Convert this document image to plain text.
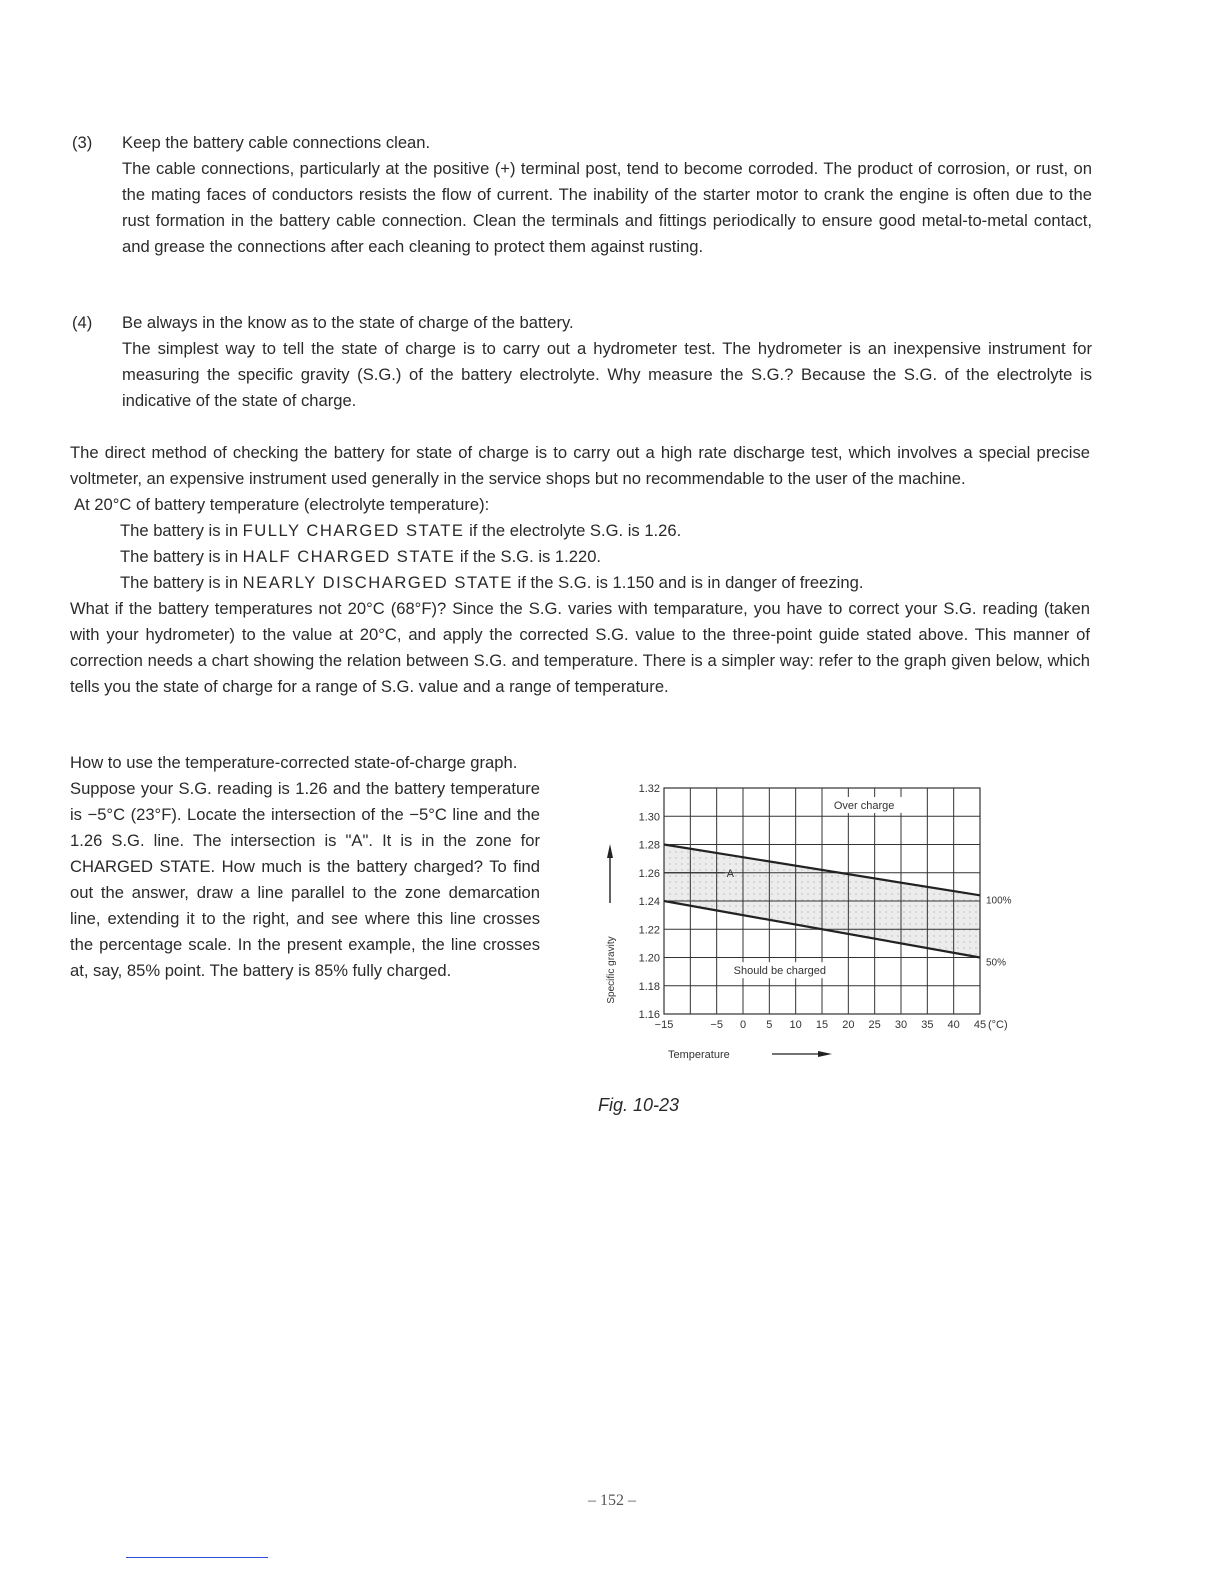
(3) Keep the battery cable connections clean.

The cable connections, particularly at the positive (+) terminal post, tend to become corroded. The product of corrosion, or rust, on the mating faces of conductors resists the flow of current. The inability of the starter motor to crank the engine is often due to the rust formation in the battery cable connection. Clean the terminals and fittings periodically to ensure good metal-to-metal contact, and grease the connections after each cleaning to protect them against rusting.

(4) Be always in the know as to the state of charge of the battery.

The simplest way to tell the state of charge is to carry out a hydrometer test. The hydrometer is an inexpensive instrument for measuring the specific gravity (S.G.) of the battery electrolyte. Why measure the S.G.? Because the S.G. of the electrolyte is indicative of the state of charge.

The direct method of checking the battery for state of charge is to carry out a high rate discharge test, which involves a special precise voltmeter, an expensive instrument used generally in the service shops but no recommendable to the user of the machine.

At 20°C of battery temperature (electrolyte temperature):

The battery is in FULLY CHARGED STATE if the electrolyte S.G. is 1.26.

The battery is in HALF CHARGED STATE if the S.G. is 1.220.

The battery is in NEARLY DISCHARGED STATE if the S.G. is 1.150 and is in danger of freezing.

What if the battery temperatures not 20°C (68°F)? Since the S.G. varies with temparature, you have to correct your S.G. reading (taken with your hydrometer) to the value at 20°C, and apply the corrected S.G. value to the three-point guide stated above. This manner of correction needs a chart showing the relation between S.G. and temperature. There is a simpler way: refer to the graph given below, which tells you the state of charge for a range of S.G. value and a range of temperature.

How to use the temperature-corrected state-of-charge graph.

Suppose your S.G. reading is 1.26 and the battery temperature is −5°C (23°F). Locate the intersection of the −5°C line and the 1.26 S.G. line. The intersection is "A". It is in the zone for CHARGED STATE. How much is the battery charged? To find out the answer, draw a line parallel to the zone demarcation line, extending it to the right, and see where this line crosses the percentage scale. In the present example, the line crosses at, say, 85% point. The battery is 85% fully charged.

1.16
1.18
1.20
1.22
1.24
1.26
1.28
1.30
1.32
−15	−5 0 5 10 15 20 25 30 35 40 45 (°C)
100%
50%
Over charge
Should be charged
A
Specific gravity
Temperature
Fig. 10-23
– 152 –
